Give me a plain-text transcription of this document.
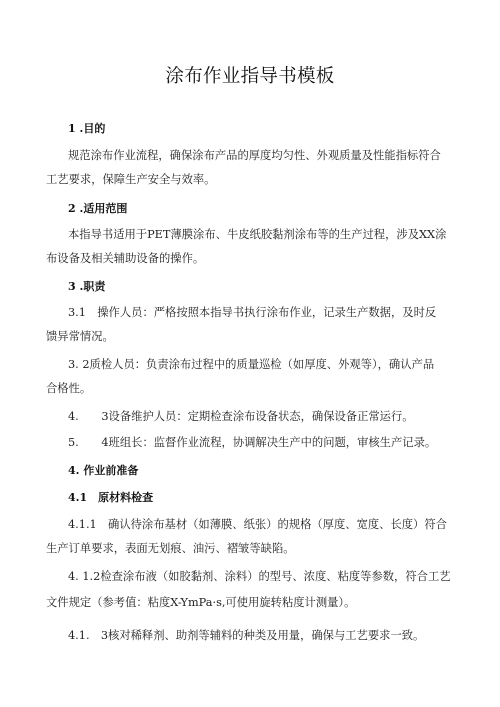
涂布作业指导书模板
1 .目的
规范涂布作业流程，确保涂布产品的厚度均匀性、外观质量及性能指标符合
工艺要求，保障生产安全与效率。
2 .适用范围
本指导书适用于PET薄膜涂布、牛皮纸胶黏剂涂布等的生产过程，涉及XX涂
布设备及相关辅助设备的操作。
3 .职责
3.1　操作人员：严格按照本指导书执行涂布作业，记录生产数据，及时反
馈异常情况。
3. 2质检人员：负责涂布过程中的质量巡检（如厚度、外观等），确认产品
合格性。
4.　　3设备维护人员：定期检查涂布设备状态，确保设备正常运行。
5.　　4班组长：监督作业流程，协调解决生产中的问题，审核生产记录。
4. 作业前准备
4.1　原材料检查
4.1.1　确认待涂布基材（如薄膜、纸张）的规格（厚度、宽度、长度）符合
生产订单要求，表面无划痕、油污、褶皱等缺陷。
4. 1.2检查涂布液（如胶黏剂、涂料）的型号、浓度、粘度等参数，符合工艺
文件规定（参考值：粘度X-YmPa·s,可使用旋转粘度计测量）。
4.1.　3核对稀释剂、助剂等辅料的种类及用量，确保与工艺要求一致。
